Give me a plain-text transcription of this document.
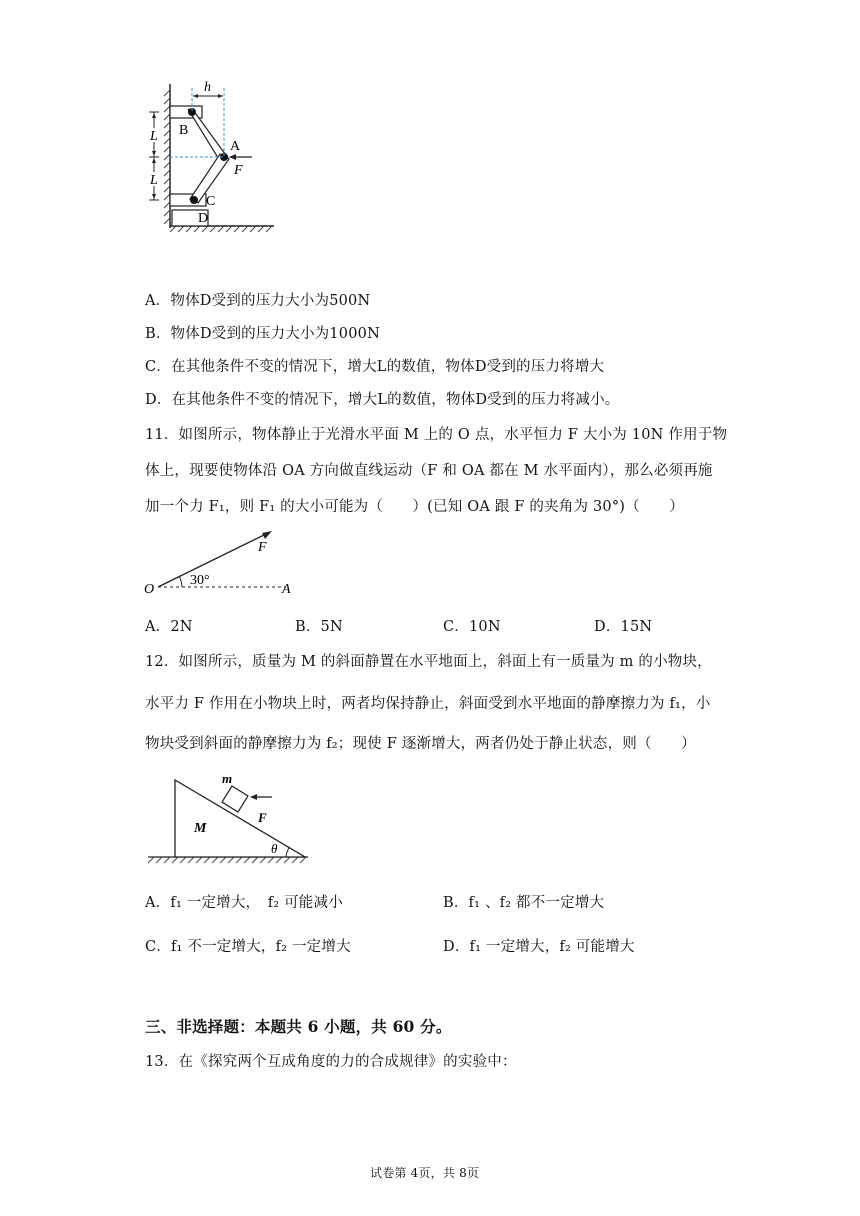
h
B
A
F
C
D
L
L
A．物体D受到的压力大小为500N
B．物体D受到的压力大小为1000N
C．在其他条件不变的情况下，增大L的数值，物体D受到的压力将增大
D．在其他条件不变的情况下，增大L的数值，物体D受到的压力将减小。
11．如图所示，物体静止于光滑水平面 M 上的 O 点，水平恒力 F 大小为 10N 作用于物
体上，现要使物体沿 OA 方向做直线运动（F 和 OA 都在 M 水平面内），那么必须再施
加一个力 F₁，则 F₁ 的大小可能为（　　）(已知 OA 跟 F 的夹角为 30°)（　　）
O	A
F
30°
A．2N	B．5N	C．10N	D．15N
12．如图所示，质量为 M 的斜面静置在水平地面上，斜面上有一质量为 m 的小物块，
水平力 F 作用在小物块上时，两者均保持静止，斜面受到水平地面的静摩擦力为 f₁，小
物块受到斜面的静摩擦力为 f₂；现使 F 逐渐增大，两者仍处于静止状态，则（　　）
M
m
F
θ
A．f₁ 一定增大，　f₂ 可能减小	B．f₁ 、f₂ 都不一定增大
C．f₁ 不一定增大，f₂ 一定增大	D．f₁ 一定增大，f₂ 可能增大
三、非选择题：本题共 6 小题，共 60 分。
13．在《探究两个互成角度的力的合成规律》的实验中：
试卷第 4页，共 8页
